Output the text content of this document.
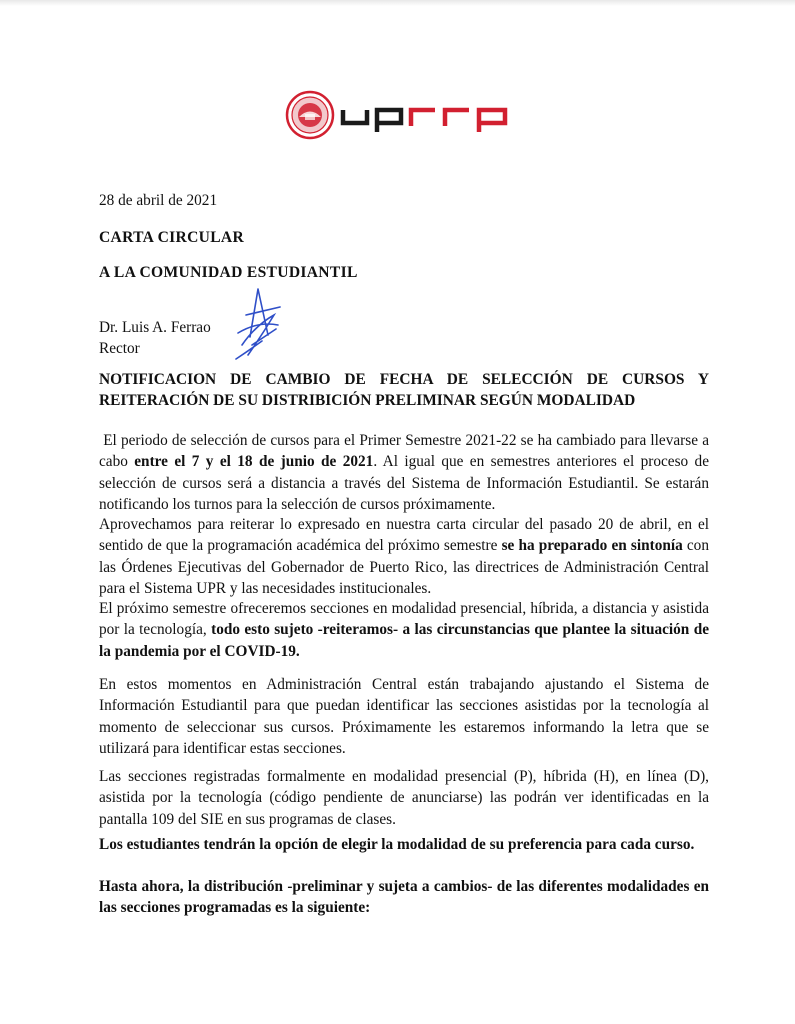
28 de abril de 2021
CARTA CIRCULAR
A LA COMUNIDAD ESTUDIANTIL
Dr. Luis A. Ferrao
Rector
NOTIFICACION DE CAMBIO DE FECHA DE SELECCIÓN DE CURSOS Y REITERACIÓN DE SU DISTRIBICIÓN PRELIMINAR SEGÚN MODALIDAD
El periodo de selección de cursos para el Primer Semestre 2021-22 se ha cambiado para llevarse a cabo entre el 7 y el 18 de junio de 2021. Al igual que en semestres anteriores el proceso de selección de cursos será a distancia a través del Sistema de Información Estudiantil. Se estarán notificando los turnos para la selección de cursos próximamente.
Aprovechamos para reiterar lo expresado en nuestra carta circular del pasado 20 de abril, en el sentido de que la programación académica del próximo semestre se ha preparado en sintonía con las Órdenes Ejecutivas del Gobernador de Puerto Rico, las directrices de Administración Central para el Sistema UPR y las necesidades institucionales.
El próximo semestre ofreceremos secciones en modalidad presencial, híbrida, a distancia y asistida por la tecnología, todo esto sujeto -reiteramos- a las circunstancias que plantee la situación de la pandemia por el COVID-19.
En estos momentos en Administración Central están trabajando ajustando el Sistema de Información Estudiantil para que puedan identificar las secciones asistidas por la tecnología al momento de seleccionar sus cursos. Próximamente les estaremos informando la letra que se utilizará para identificar estas secciones.
Las secciones registradas formalmente en modalidad presencial (P), híbrida (H), en línea (D), asistida por la tecnología (código pendiente de anunciarse) las podrán ver identificadas en la pantalla 109 del SIE en sus programas de clases.
Los estudiantes tendrán la opción de elegir la modalidad de su preferencia para cada curso.
Hasta ahora, la distribución -preliminar y sujeta a cambios- de las diferentes modalidades en las secciones programadas es la siguiente:
